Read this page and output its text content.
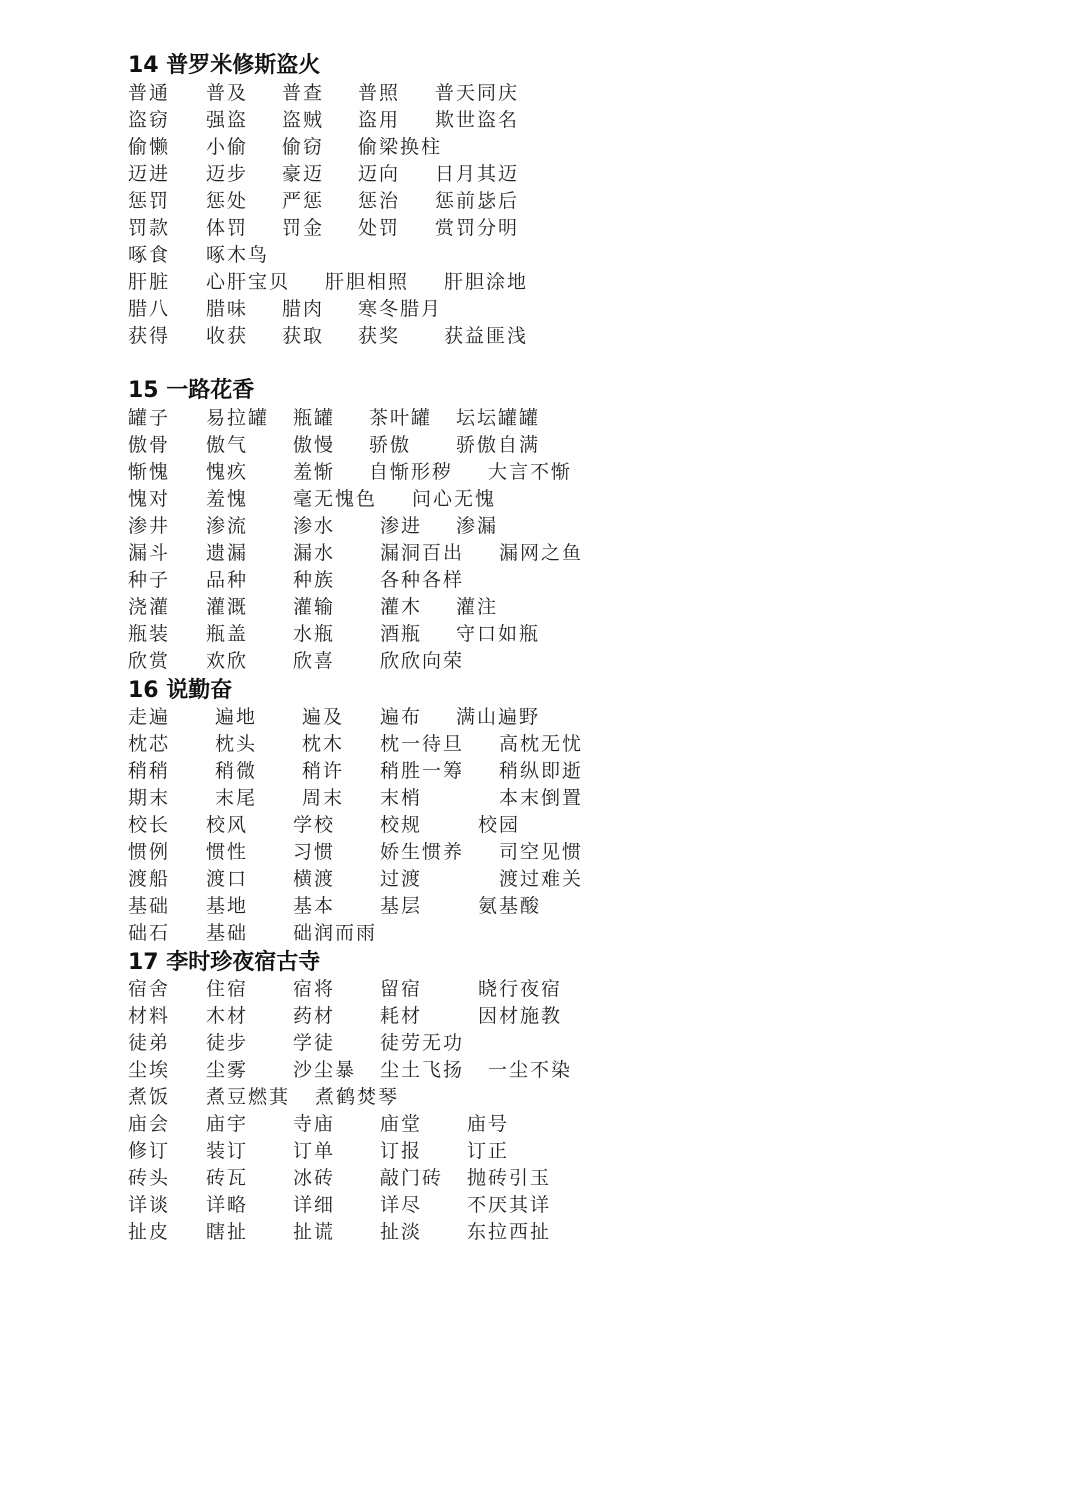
14 普罗米修斯盗火
普通 普及 普查 普照 普天同庆
盗窃 强盗 盗贼 盗用 欺世盗名
偷懒 小偷 偷窃 偷梁换柱
迈进 迈步 豪迈 迈向 日月其迈
惩罚 惩处 严惩 惩治 惩前毖后
罚款 体罚 罚金 处罚 赏罚分明
啄食 啄木鸟
肝脏 心肝宝贝 肝胆相照 肝胆涂地
腊八 腊味 腊肉 寒冬腊月
获得 收获 获取 获奖 获益匪浅
15 一路花香
罐子 易拉罐 瓶罐 茶叶罐 坛坛罐罐
傲骨 傲气 傲慢 骄傲 骄傲自满
惭愧 愧疚 羞惭 自惭形秽 大言不惭
愧对 羞愧 毫无愧色 问心无愧
渗井 渗流 渗水 渗进 渗漏
漏斗 遗漏 漏水 漏洞百出 漏网之鱼
种子 品种 种族 各种各样
浇灌 灌溉 灌输 灌木 灌注
瓶装 瓶盖 水瓶 酒瓶 守口如瓶
欣赏 欢欣 欣喜 欣欣向荣
16 说勤奋
走遍 遍地 遍及 遍布 满山遍野
枕芯 枕头 枕木 枕一待旦 高枕无忧
稍稍 稍微 稍许 稍胜一筹 稍纵即逝
期末 末尾 周末 末梢	本末倒置
校长 校风 学校 校规	校园
惯例 惯性 习惯 娇生惯养 司空见惯
渡船 渡口 横渡 过渡	渡过难关
基础 基地 基本 基层	氨基酸
础石 基础 础润而雨
17 李时珍夜宿古寺
宿舍 住宿 宿将 留宿	晓行夜宿
材料 木材 药材 耗材	因材施教
徒弟 徒步 学徒 徒劳无功
尘埃 尘雾 沙尘暴 尘土飞扬 一尘不染
煮饭 煮豆燃萁 煮鹤焚琴
庙会 庙宇 寺庙 庙堂 庙号
修订 装订 订单 订报 订正
砖头 砖瓦 冰砖 敲门砖 抛砖引玉
详谈 详略 详细 详尽 不厌其详
扯皮 瞎扯 扯谎 扯淡 东拉西扯
